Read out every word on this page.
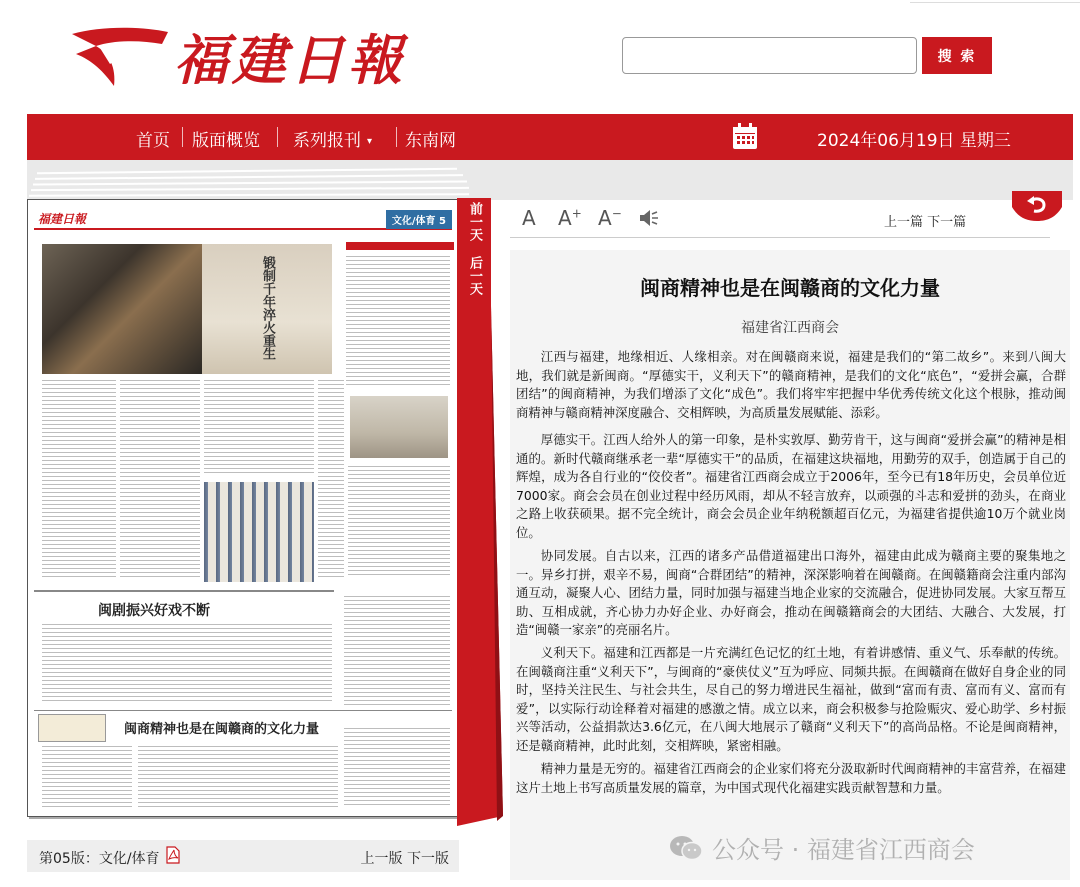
福建日報	搜 索
首页 版面概览 系列报刊 ▾ 东南网	2024年06月19日 星期三
福建日報	文化/体育 5
锻制千年淬火重生
闽剧振兴好戏不断
闽商精神也是在闽赣商的文化力量
前一天
后一天
第05版：文化/体育	上一版 下一版
A A+ A−
上一篇 下一篇
闽商精神也是在闽赣商的文化力量
福建省江西商会

江西与福建，地缘相近、人缘相亲。对在闽赣商来说，福建是我们的“第二故乡”。来到八闽大地，我们就是新闽商。“厚德实干，义利天下”的赣商精神，是我们的文化“底色”，“爱拼会赢，合群团结”的闽商精神，为我们增添了文化“成色”。我们将牢牢把握中华优秀传统文化这个根脉，推动闽商精神与赣商精神深度融合、交相辉映，为高质量发展赋能、添彩。

厚德实干。江西人给外人的第一印象，是朴实敦厚、勤劳肯干，这与闽商“爱拼会赢”的精神是相通的。新时代赣商继承老一辈“厚德实干”的品质，在福建这块福地，用勤劳的双手，创造属于自己的辉煌，成为各自行业的“佼佼者”。福建省江西商会成立于2006年，至今已有18年历史，会员单位近7000家。商会会员在创业过程中经历风雨，却从不轻言放弃，以顽强的斗志和爱拼的劲头，在商业之路上收获硕果。据不完全统计，商会会员企业年纳税额超百亿元，为福建省提供逾10万个就业岗位。

协同发展。自古以来，江西的诸多产品借道福建出口海外，福建由此成为赣商主要的聚集地之一。异乡打拼，艰辛不易，闽商“合群团结”的精神，深深影响着在闽赣商。在闽赣籍商会注重内部沟通互动，凝聚人心、团结力量，同时加强与福建当地企业家的交流融合，促进协同发展。大家互帮互助、互相成就，齐心协力办好企业、办好商会，推动在闽赣籍商会的大团结、大融合、大发展，打造“闽赣一家亲”的亮丽名片。

义利天下。福建和江西都是一片充满红色记忆的红土地，有着讲感情、重义气、乐奉献的传统。在闽赣商注重“义利天下”，与闽商的“豪侠仗义”互为呼应、同频共振。在闽赣商在做好自身企业的同时，坚持关注民生、与社会共生，尽自己的努力增进民生福祉，做到“富而有责、富而有义、富而有爱”，以实际行动诠释着对福建的感激之情。成立以来，商会积极参与抢险赈灾、爱心助学、乡村振兴等活动，公益捐款达3.6亿元，在八闽大地展示了赣商“义利天下”的高尚品格。不论是闽商精神，还是赣商精神，此时此刻，交相辉映，紧密相融。

精神力量是无穷的。福建省江西商会的企业家们将充分汲取新时代闽商精神的丰富营养，在福建这片土地上书写高质量发展的篇章，为中国式现代化福建实践贡献智慧和力量。

公众号 · 福建省江西商会
